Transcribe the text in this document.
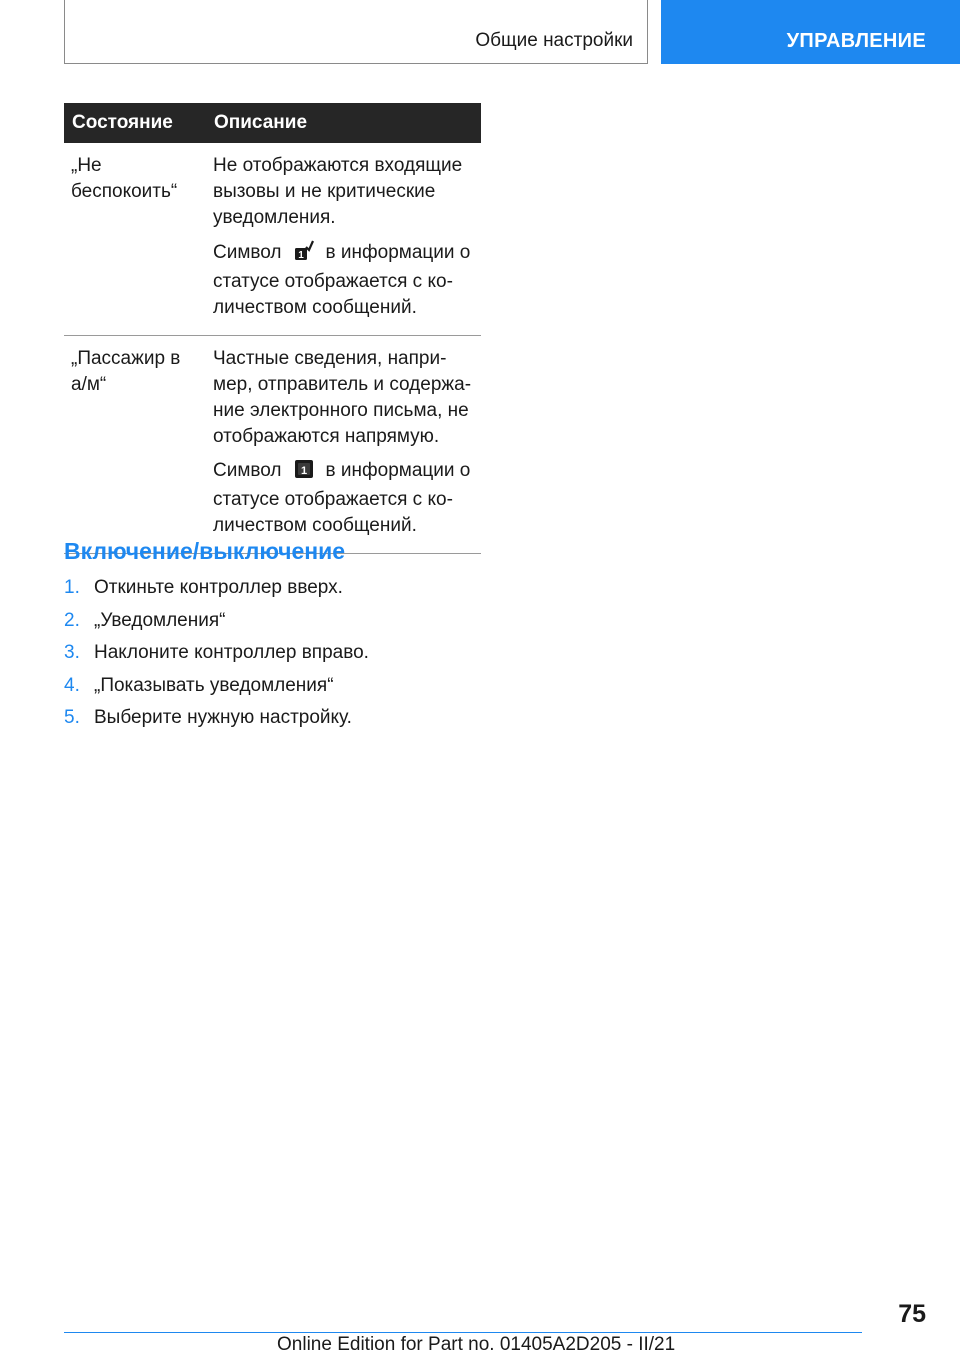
Общие настройки	УПРАВЛЕНИЕ
Состояние	Описание
„Не беспокоить“	Не отображаются входящие вызовы и не критические уведомления.

Символ 1 в информации о статусе отображается с количеством сообщений.

„Пассажир в а/м“	Частные сведения, например, отправитель и содержание электронного письма, не отображаются напрямую.

Символ 1 в информации о статусе отображается с количеством сообщений.

Включение/выключение
1. Откиньте контроллер вверх.
2. „Уведомления“
3. Наклоните контроллер вправо.
4. „Показывать уведомления“
5. Выберите нужную настройку.
75
Online Edition for Part no. 01405A2D205 - II/21
